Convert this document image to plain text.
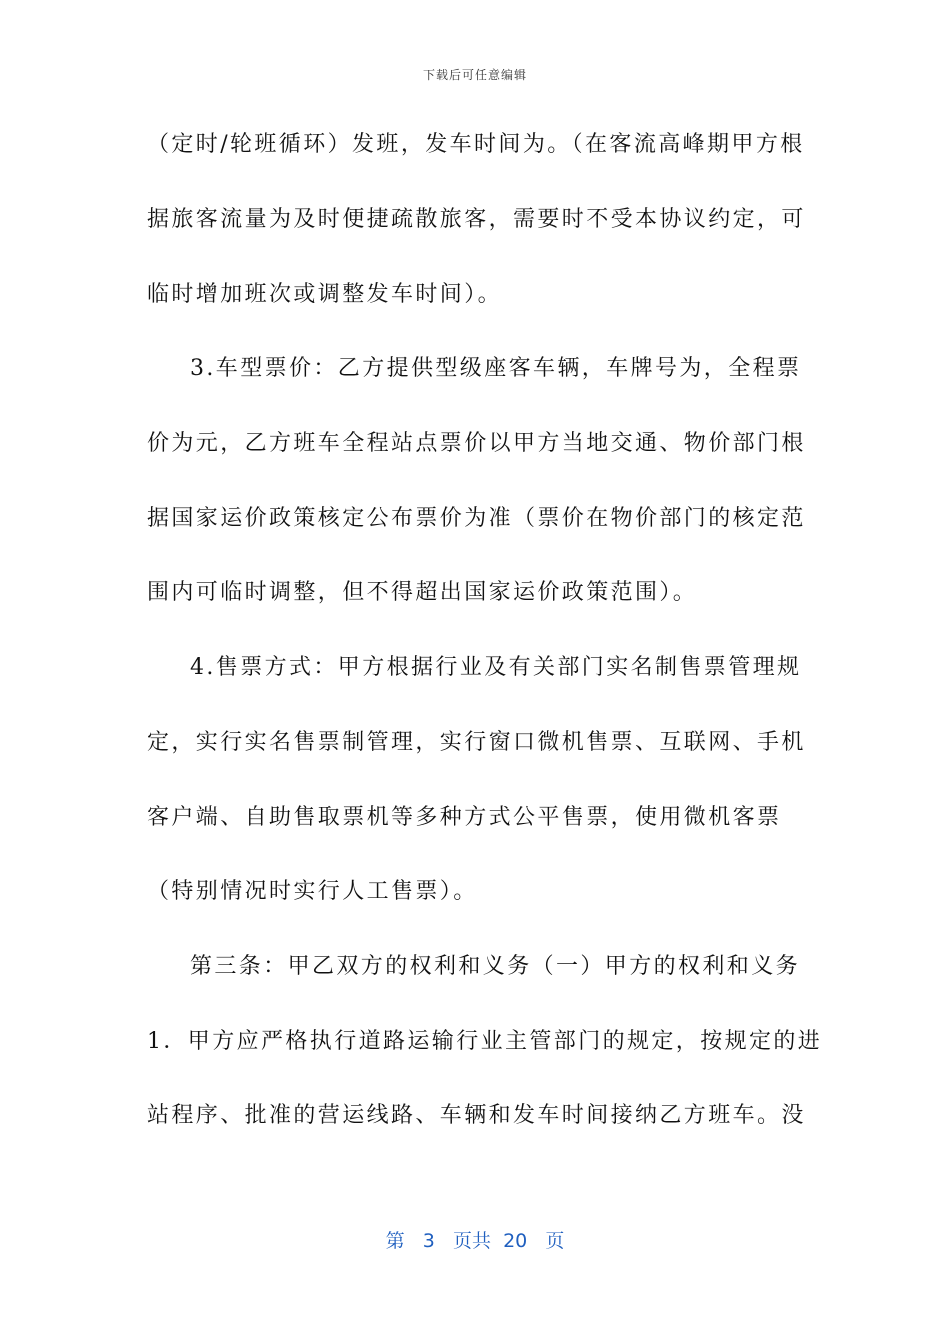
下载后可任意编辑
（定时/轮班循环）发班，发车时间为。（在客流高峰期甲方根
据旅客流量为及时便捷疏散旅客，需要时不受本协议约定，可
临时增加班次或调整发车时间）。
3.车型票价：乙方提供型级座客车辆，车牌号为，全程票
价为元，乙方班车全程站点票价以甲方当地交通、物价部门根
据国家运价政策核定公布票价为准（票价在物价部门的核定范
围内可临时调整，但不得超出国家运价政策范围）。
4.售票方式：甲方根据行业及有关部门实名制售票管理规
定，实行实名售票制管理，实行窗口微机售票、互联网、手机
客户端、自助售取票机等多种方式公平售票，使用微机客票
（特别情况时实行人工售票）。
第三条：甲乙双方的权利和义务（一）甲方的权利和义务
1．甲方应严格执行道路运输行业主管部门的规定，按规定的进
站程序、批准的营运线路、车辆和发车时间接纳乙方班车。没
第 3 页共 20 页
